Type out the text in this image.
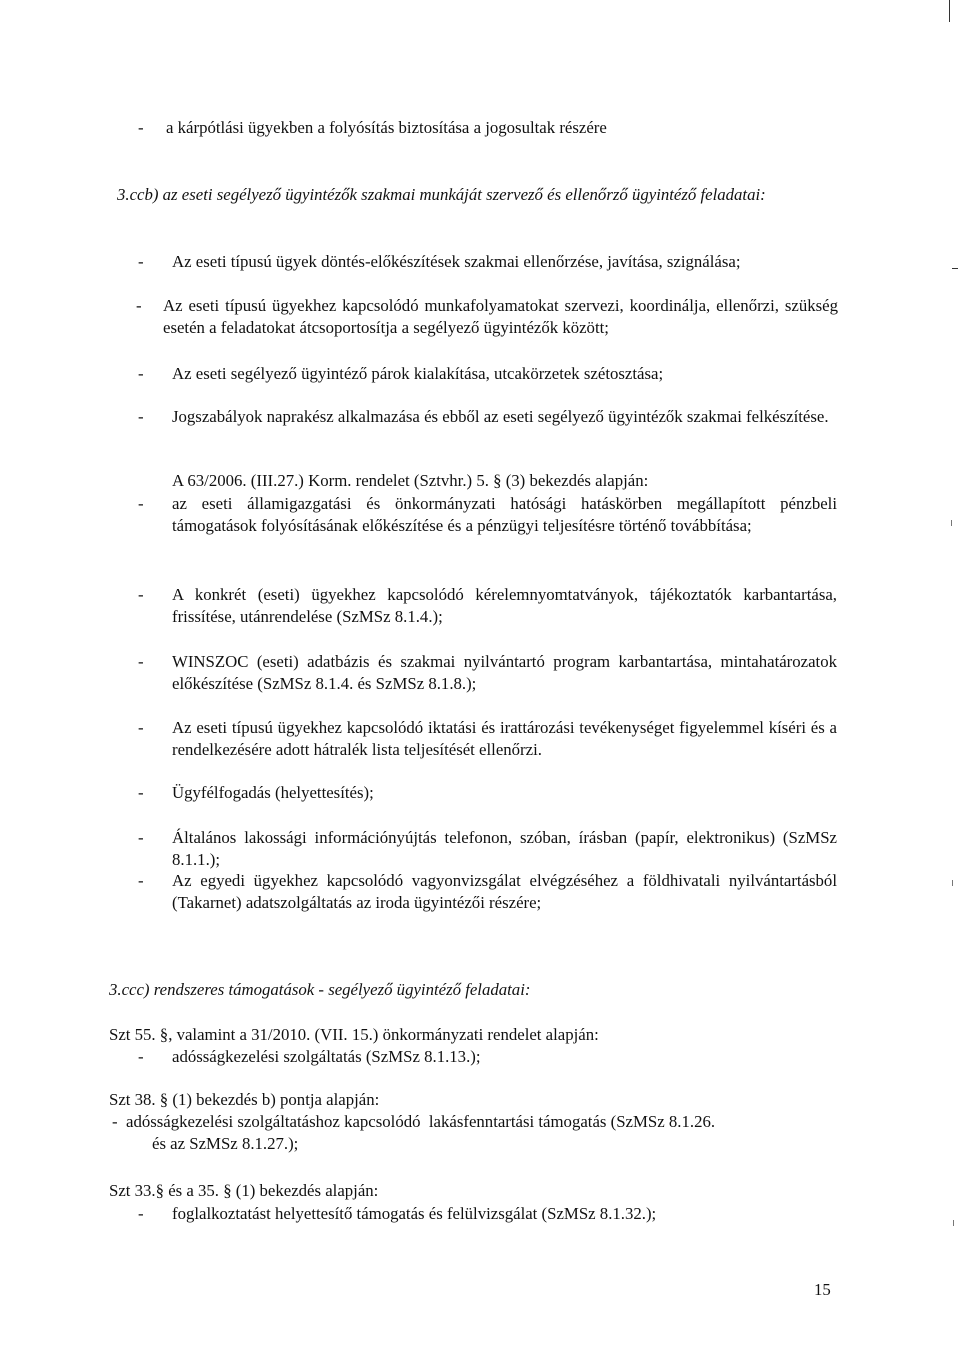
-	a kárpótlási ügyekben a folyósítás biztosítása a jogosultak részére

3.ccb) az eseti segélyező ügyintézők szakmai munkáját szervező és ellenőrző ügyintéző feladatai:

-	Az eseti típusú ügyek döntés-előkészítések szakmai ellenőrzése, javítása, szignálása;
-	Az eseti típusú ügyekhez kapcsolódó munkafolyamatokat szervezi, koordinálja, ellenőrzi, szükség esetén a feladatokat átcsoportosítja a segélyező ügyintézők között;

-	Az eseti segélyező ügyintéző párok kialakítása, utcakörzetek szétosztása;
-	Jogszabályok naprakész alkalmazása és ebből az eseti segélyező ügyintézők szakmai felkészítése.
A 63/2006. (III.27.) Korm. rendelet (Sztvhr.) 5. § (3) bekezdés alapján:
-	az eseti államigazgatási és önkormányzati hatósági hatáskörben megállapított pénzbeli támogatások folyósításának előkészítése és a pénzügyi teljesítésre történő továbbítása;
-	A konkrét (eseti) ügyekhez kapcsolódó kérelemnyomtatványok, tájékoztatók karbantartása, frissítése, utánrendelése (SzMSz 8.1.4.);
-	WINSZOC (eseti) adatbázis és szakmai nyilvántartó program karbantartása, mintahatározatok előkészítése (SzMSz 8.1.4. és SzMSz 8.1.8.);
-	Az eseti típusú ügyekhez kapcsolódó iktatási és irattározási tevékenységet figyelemmel kíséri és a rendelkezésére adott hátralék lista teljesítését ellenőrzi.
-	Ügyfélfogadás (helyettesítés);
-	Általános lakossági információnyújtás telefonon, szóban, írásban (papír, elektronikus) (SzMSz 8.1.1.);
-	Az egyedi ügyekhez kapcsolódó vagyonvizsgálat elvégzéséhez a földhivatali nyilvántartásból (Takarnet) adatszolgáltatás az iroda ügyintézői részére;
3.ccc) rendszeres támogatások - segélyező ügyintéző feladatai:
Szt 55. §, valamint a 31/2010. (VII. 15.) önkormányzati rendelet alapján:
-	adósságkezelési szolgáltatás (SzMSz 8.1.13.);
Szt 38. § (1) bekezdés b) pontja alapján:
- adósságkezelési szolgáltatáshoz kapcsolódó  lakásfenntartási támogatás (SzMSz 8.1.26.
és az SzMSz 8.1.27.);
Szt 33.§ és a 35. § (1) bekezdés alapján:
-	foglalkoztatást helyettesítő támogatás és felülvizsgálat (SzMSz 8.1.32.);
15
